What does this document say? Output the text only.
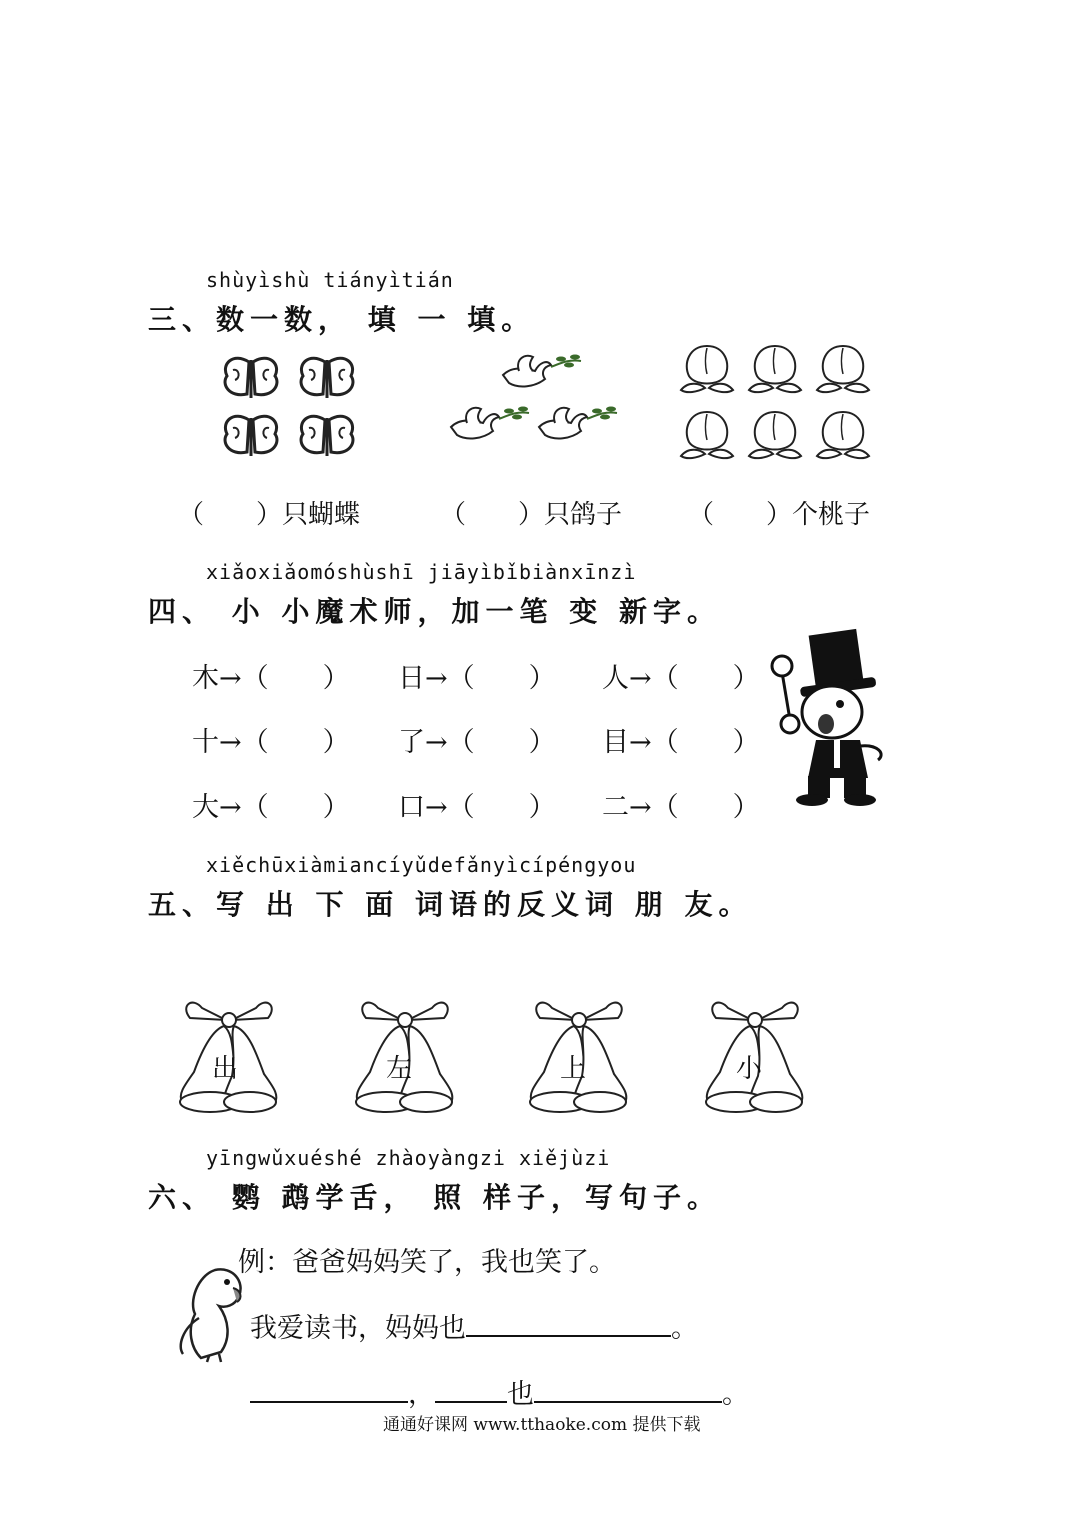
shùyìshù tiányìtián
三、数一数， 填 一 填。
（　　）只蝴蝶	（　　）只鸽子	（　　）个桃子
xiǎoxiǎomóshùshī jiāyìbǐbiànxīnzì
四、 小 小魔术师，加一笔 变 新字。
木→（　　） 日→（　　） 人→（　　）
十→（　　） 了→（　　） 目→（　　）
大→（　　） 口→（　　） 二→（　　）
xiěchūxiàmiancíyǔdefǎnyìcípéngyou
五、写 出 下 面 词语的反义词 朋 友。
出	左	上	小
yīngwǔxuéshé zhàoyàngzi xiějùzi
六、 鹦 鹉学舌， 照 样子，写句子。
例：爸爸妈妈笑了，我也笑了。
我爱读书，妈妈也	。
，	也	。
通通好课网 www.tthaoke.com 提供下载
